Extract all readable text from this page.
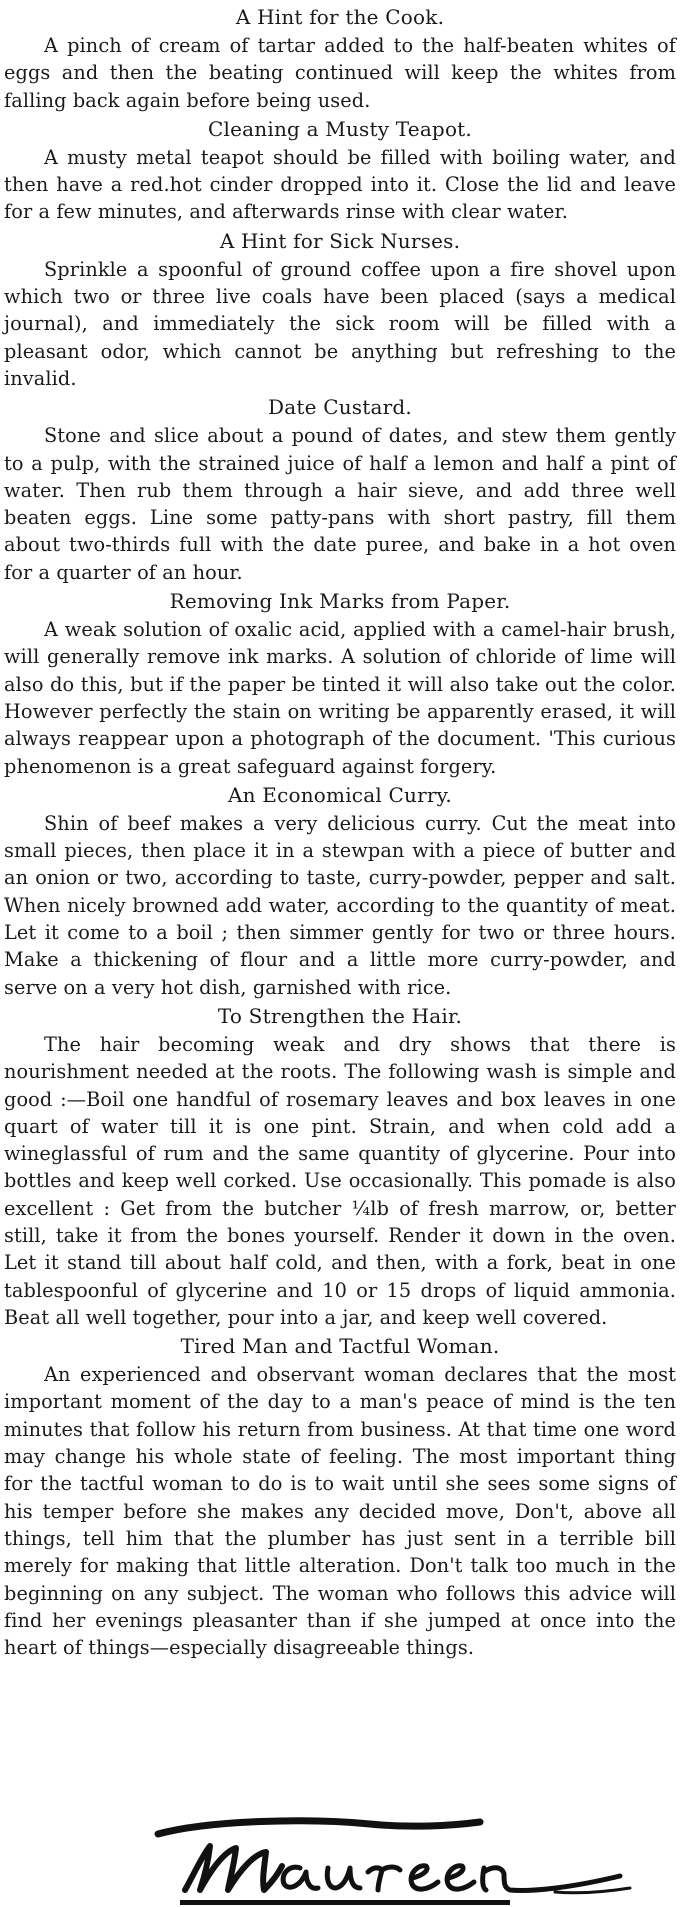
A Hint for the Cook.

A pinch of cream of tartar added to the half-beaten whites of eggs and then the beating continued will keep the whites from falling back again before being used.

Cleaning a Musty Teapot.

A musty metal teapot should be filled with boiling water, and then have a red.hot cinder dropped into it. Close the lid and leave for a few minutes, and afterwards rinse with clear water.

A Hint for Sick Nurses.

Sprinkle a spoonful of ground coffee upon a fire shovel upon which two or three live coals have been placed (says a medical journal), and immediately the sick room will be filled with a pleasant odor, which cannot be anything but refreshing to the invalid.

Date Custard.

Stone and slice about a pound of dates, and stew them gently to a pulp, with the strained juice of half a lemon and half a pint of water. Then rub them through a hair sieve, and add three well beaten eggs. Line some patty-pans with short pastry, fill them about two-thirds full with the date puree, and bake in a hot oven for a quarter of an hour.

Removing Ink Marks from Paper.

A weak solution of oxalic acid, applied with a camel-hair brush, will generally remove ink marks. A solution of chloride of lime will also do this, but if the paper be tinted it will also take out the color. However perfectly the stain on writing be apparently erased, it will always reappear upon a photograph of the document. 'This curious phenomenon is a great safeguard against forgery.

An Economical Curry.

Shin of beef makes a very delicious curry. Cut the meat into small pieces, then place it in a stewpan with a piece of butter and an onion or two, according to taste, curry-powder, pepper and salt. When nicely browned add water, according to the quantity of meat. Let it come to a boil ; then simmer gently for two or three hours. Make a thickening of flour and a little more curry-powder, and serve on a very hot dish, garnished with rice.

To Strengthen the Hair.

The hair becoming weak and dry shows that there is nourishment needed at the roots. The following wash is simple and good :—Boil one handful of rosemary leaves and box leaves in one quart of water till it is one pint. Strain, and when cold add a wineglassful of rum and the same quantity of glycerine. Pour into bottles and keep well corked. Use occasionally. This pomade is also excellent : Get from the butcher ¼lb of fresh marrow, or, better still, take it from the bones yourself. Render it down in the oven. Let it stand till about half cold, and then, with a fork, beat in one tablespoonful of glycerine and 10 or 15 drops of liquid ammonia. Beat all well together, pour into a jar, and keep well covered.

Tired Man and Tactful Woman.

An experienced and observant woman declares that the most important moment of the day to a man's peace of mind is the ten minutes that follow his return from business. At that time one word may change his whole state of feeling. The most important thing for the tactful woman to do is to wait until she sees some signs of his temper before she makes any decided move, Don't, above all things, tell him that the plumber has just sent in a terrible bill merely for making that little alteration. Don't talk too much in the beginning on any subject. The woman who follows this advice will find her evenings pleasanter than if she jumped at once into the heart of things—especially disagreeable things.
